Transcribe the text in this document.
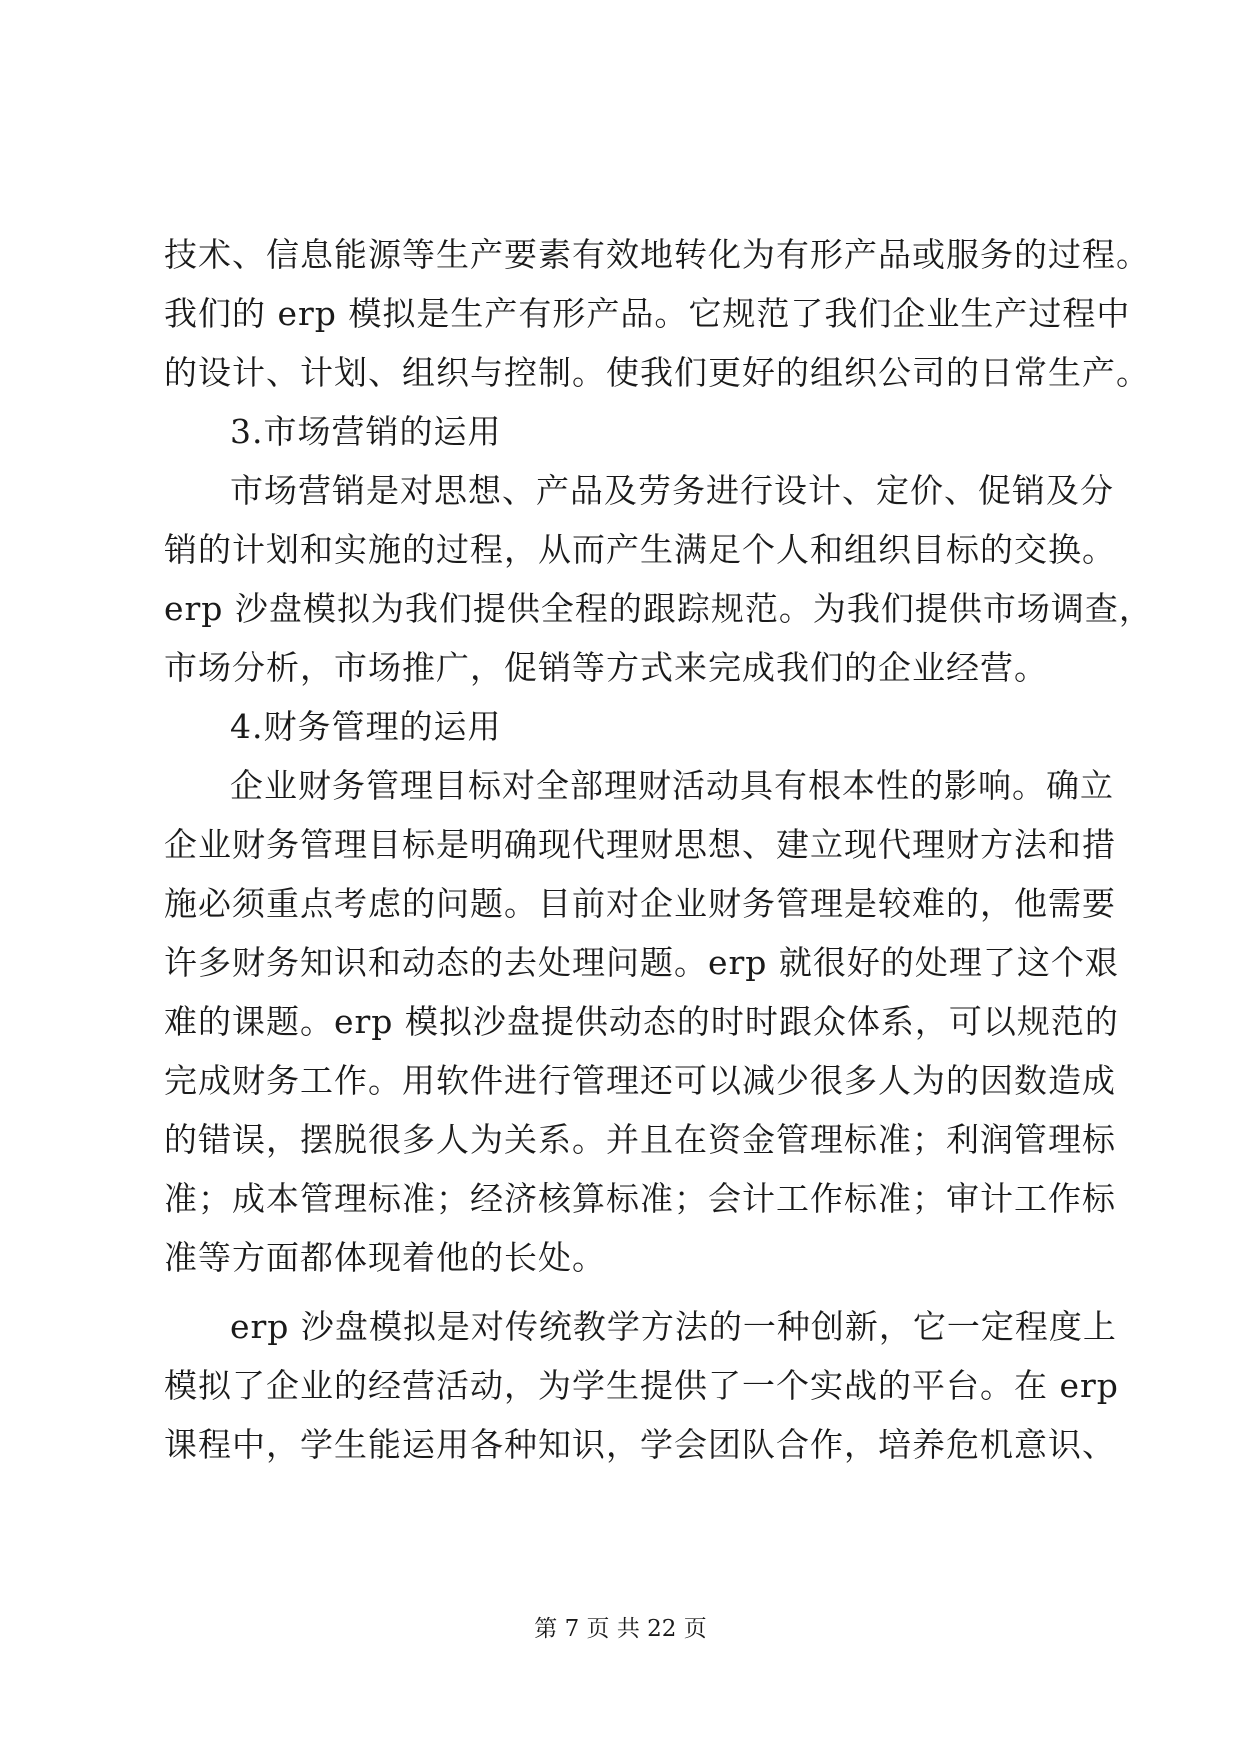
技术、信息能源等生产要素有效地转化为有形产品或服务的过程。
我们的 erp 模拟是生产有形产品。它规范了我们企业生产过程中
的设计、计划、组织与控制。使我们更好的组织公司的日常生产。
3.市场营销的运用
市场营销是对思想、产品及劳务进行设计、定价、促销及分
销的计划和实施的过程，从而产生满足个人和组织目标的交换。
erp 沙盘模拟为我们提供全程的跟踪规范。为我们提供市场调查，
市场分析，市场推广，促销等方式来完成我们的企业经营。
4.财务管理的运用
企业财务管理目标对全部理财活动具有根本性的影响。确立
企业财务管理目标是明确现代理财思想、建立现代理财方法和措
施必须重点考虑的问题。目前对企业财务管理是较难的，他需要
许多财务知识和动态的去处理问题。erp 就很好的处理了这个艰
难的课题。erp 模拟沙盘提供动态的时时跟众体系，可以规范的
完成财务工作。用软件进行管理还可以减少很多人为的因数造成
的错误，摆脱很多人为关系。并且在资金管理标准；利润管理标
准；成本管理标准；经济核算标准；会计工作标准；审计工作标
准等方面都体现着他的长处。
erp 沙盘模拟是对传统教学方法的一种创新，它一定程度上
模拟了企业的经营活动，为学生提供了一个实战的平台。在 erp
课程中，学生能运用各种知识，学会团队合作，培养危机意识、
第 7 页 共 22 页
